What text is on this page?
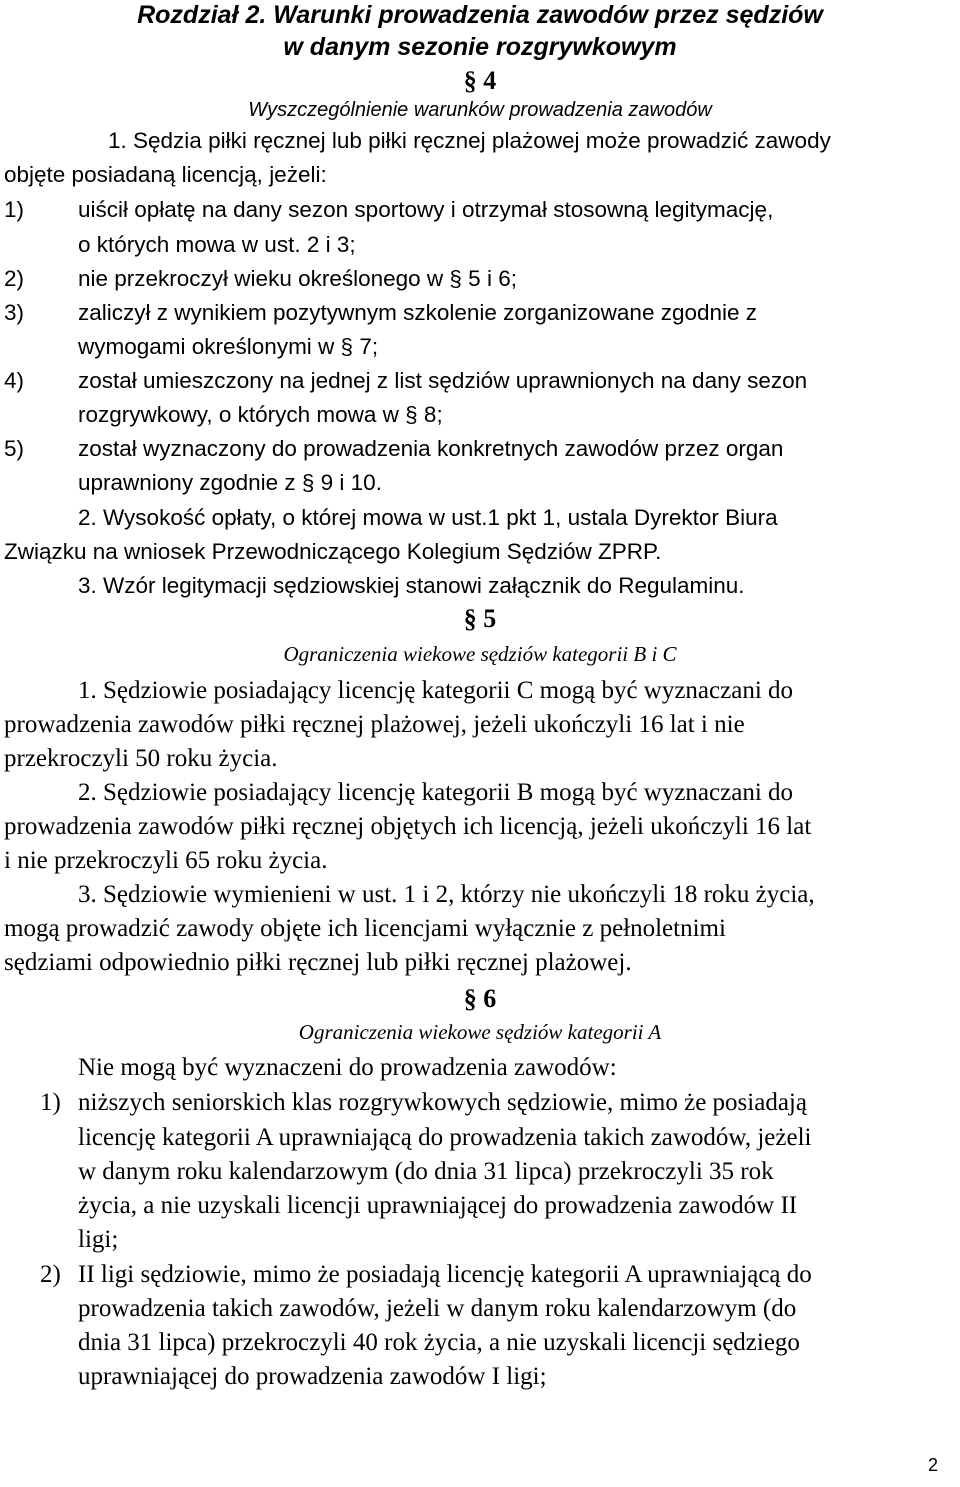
Rozdział 2. Warunki prowadzenia zawodów przez sędziów
w danym sezonie rozgrywkowym
§ 4
Wyszczególnienie warunków prowadzenia zawodów
1. Sędzia piłki ręcznej lub piłki ręcznej plażowej może prowadzić zawody
objęte posiadaną licencją, jeżeli:
1) uiścił opłatę na dany sezon sportowy i otrzymał stosowną legitymację,
o których mowa w ust. 2 i 3;
2) nie przekroczył wieku określonego w § 5 i 6;
3) zaliczył z wynikiem pozytywnym szkolenie zorganizowane zgodnie z
wymogami określonymi w § 7;
4) został umieszczony na jednej z list sędziów uprawnionych na dany sezon
rozgrywkowy, o których mowa w § 8;
5) został wyznaczony do prowadzenia konkretnych zawodów przez organ
uprawniony zgodnie z § 9 i 10.
2. Wysokość opłaty, o której mowa w ust.1 pkt 1, ustala Dyrektor Biura
Związku na wniosek Przewodniczącego Kolegium Sędziów ZPRP.
3. Wzór legitymacji sędziowskiej stanowi załącznik do Regulaminu.
§ 5
Ograniczenia wiekowe sędziów kategorii B i C
1. Sędziowie posiadający licencję kategorii C mogą być wyznaczani do
prowadzenia zawodów piłki ręcznej plażowej, jeżeli ukończyli 16 lat i nie
przekroczyli 50 roku życia.
2. Sędziowie posiadający licencję kategorii B mogą być wyznaczani do
prowadzenia zawodów piłki ręcznej objętych ich licencją, jeżeli ukończyli 16 lat
i nie przekroczyli 65 roku życia.
3. Sędziowie wymienieni w ust. 1 i 2, którzy nie ukończyli 18 roku życia,
mogą prowadzić zawody objęte ich licencjami wyłącznie z pełnoletnimi
sędziami odpowiednio piłki ręcznej lub piłki ręcznej plażowej.
§ 6
Ograniczenia wiekowe sędziów kategorii A
Nie mogą być wyznaczeni do prowadzenia zawodów:
1) niższych seniorskich klas rozgrywkowych sędziowie, mimo że posiadają
licencję kategorii A uprawniającą do prowadzenia takich zawodów, jeżeli
w danym roku kalendarzowym (do dnia 31 lipca) przekroczyli 35 rok
życia, a nie uzyskali licencji uprawniającej do prowadzenia zawodów II
ligi;
2) II ligi sędziowie, mimo że posiadają licencję kategorii A uprawniającą do
prowadzenia takich zawodów, jeżeli w danym roku kalendarzowym (do
dnia 31 lipca) przekroczyli 40 rok życia, a nie uzyskali licencji sędziego
uprawniającej do prowadzenia zawodów I ligi;
2
